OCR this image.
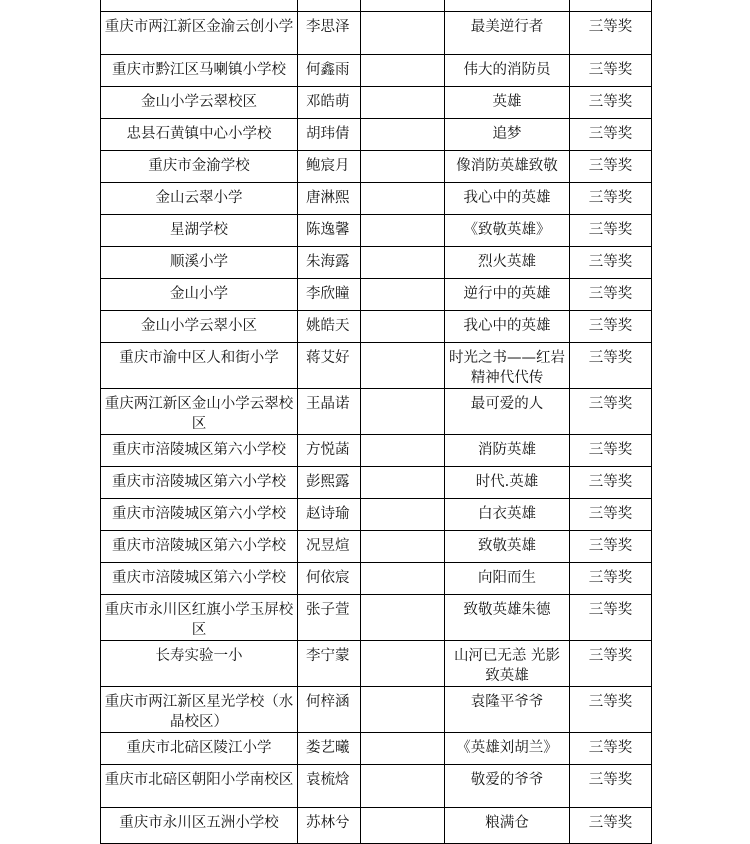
重庆市两江新区金渝云创小学	李思泽		最美逆行者	三等奖
重庆市黔江区马喇镇小学校	何鑫雨		伟大的消防员	三等奖
金山小学云翠校区	邓皓萌		英雄	三等奖
忠县石黄镇中心小学校	胡玮倩		追梦	三等奖
重庆市金渝学校	鲍宸月		像消防英雄致敬	三等奖
金山云翠小学	唐淋熙		我心中的英雄	三等奖
星湖学校	陈逸馨		《致敬英雄》	三等奖
顺溪小学	朱海露		烈火英雄	三等奖
金山小学	李欣瞳		逆行中的英雄	三等奖
金山小学云翠小区	姚皓天		我心中的英雄	三等奖
重庆市渝中区人和街小学	蒋艾好		时光之书——红岩精神代代传	三等奖
重庆两江新区金山小学云翠校区	王晶诺		最可爱的人	三等奖
重庆市涪陵城区第六小学校	方悦菡		消防英雄	三等奖
重庆市涪陵城区第六小学校	彭熙露		时代.英雄	三等奖
重庆市涪陵城区第六小学校	赵诗瑜		白衣英雄	三等奖
重庆市涪陵城区第六小学校	况昱煊		致敬英雄	三等奖
重庆市涪陵城区第六小学校	何依宸		向阳而生	三等奖
重庆市永川区红旗小学玉屏校区	张子萱		致敬英雄朱德	三等奖
长寿实验一小	李宁蒙		山河已无恙 光影致英雄	三等奖
重庆市两江新区星光学校（水晶校区）	何梓涵		袁隆平爷爷	三等奖
重庆市北碚区陵江小学	娄艺曦		《英雄刘胡兰》	三等奖
重庆市北碚区朝阳小学南校区	袁梳焓		敬爱的爷爷	三等奖
重庆市永川区五洲小学校	苏林兮		粮满仓	三等奖
